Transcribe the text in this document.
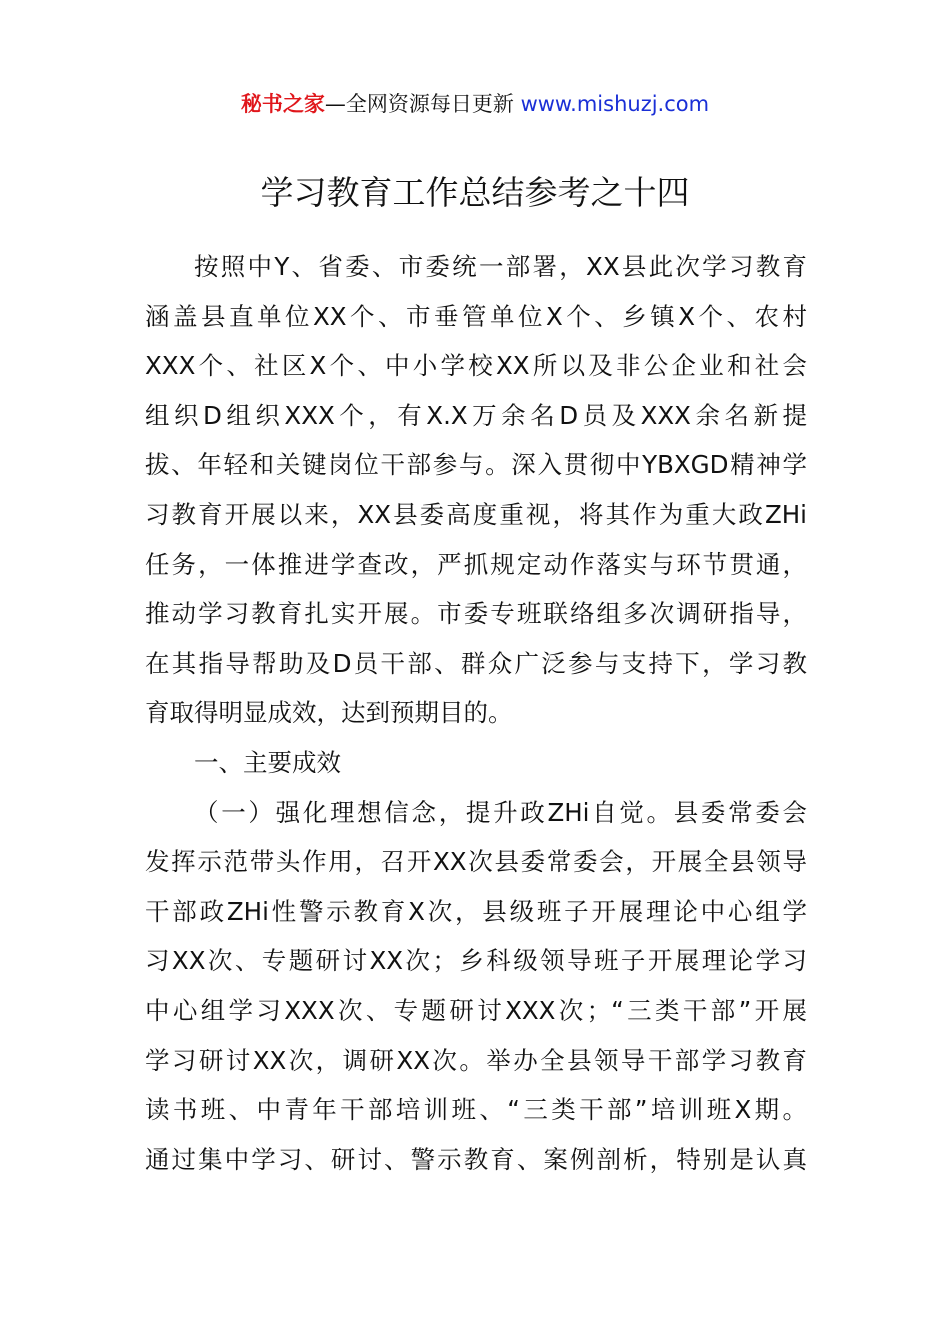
秘书之家—全网资源每日更新 www.mishuzj.com
学习教育工作总结参考之十四
按照中Y、省委、市委统一部署，XX县此次学习教育
涵盖县直单位XX个、市垂管单位X个、乡镇X个、农村
XXX个、社区X个、中小学校XX所以及非公企业和社会
组织D组织XXX个，有X.X万余名D员及XXX余名新提
拔、年轻和关键岗位干部参与。深入贯彻中YBXGD精神学
习教育开展以来，XX县委高度重视，将其作为重大政ZHi
任务，一体推进学查改，严抓规定动作落实与环节贯通，
推动学习教育扎实开展。市委专班联络组多次调研指导，
在其指导帮助及D员干部、群众广泛参与支持下，学习教
育取得明显成效，达到预期目的。
一、主要成效
（一）强化理想信念，提升政ZHi自觉。县委常委会
发挥示范带头作用，召开XX次县委常委会，开展全县领导
干部政ZHi性警示教育X次，县级班子开展理论中心组学
习XX次、专题研讨XX次；乡科级领导班子开展理论学习
中心组学习XXX次、专题研讨XXX次；“三类干部”开展
学习研讨XX次，调研XX次。举办全县领导干部学习教育
读书班、中青年干部培训班、“三类干部”培训班X期。
通过集中学习、研讨、警示教育、案例剖析，特别是认真
